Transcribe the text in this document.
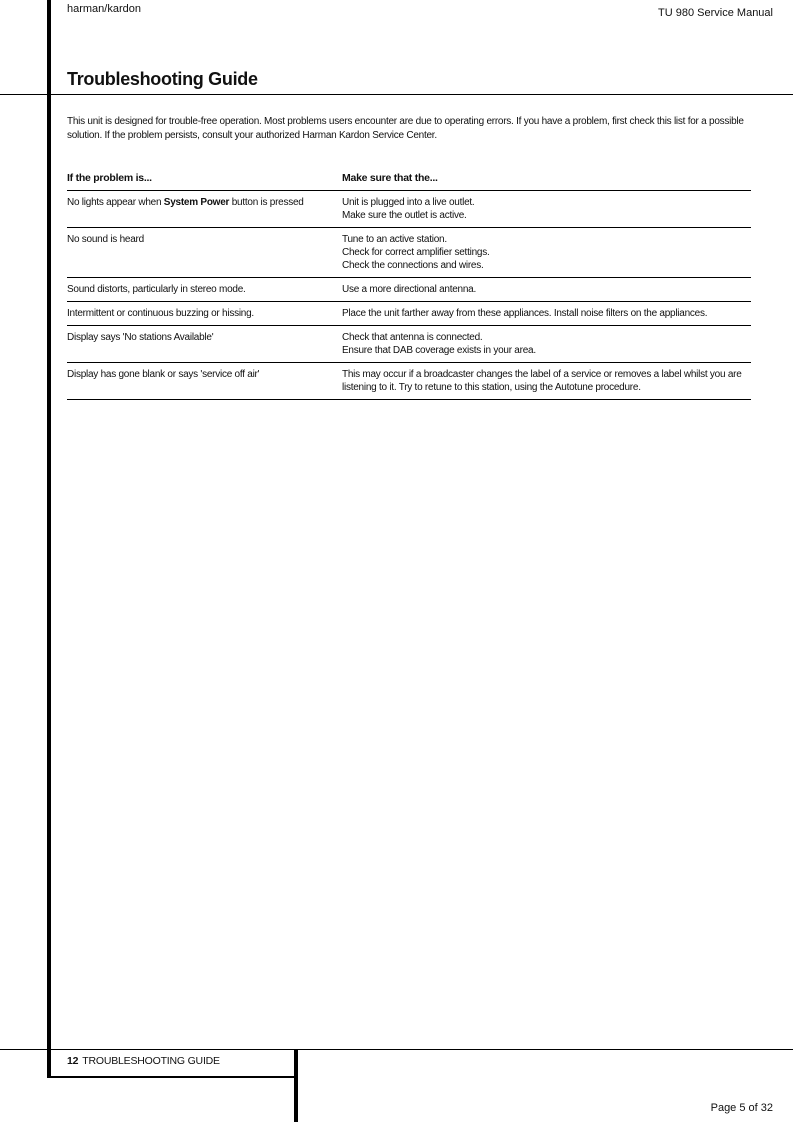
harman/kardon	TU 980 Service Manual
Troubleshooting Guide

This unit is designed for trouble-free operation. Most problems users encounter are due to operating errors. If you have a problem, first check this list for a possible solution. If the problem persists, consult your authorized Harman Kardon Service Center.

If the problem is...	Make sure that the...
No lights appear when System Power button is pressed	Unit is plugged into a live outlet.
Make sure the outlet is active.
No sound is heard	Tune to an active station.
Check for correct amplifier settings.
Check the connections and wires.
Sound distorts, particularly in stereo mode.	Use a more directional antenna.
Intermittent or continuous buzzing or hissing.	Place the unit farther away from these appliances. Install noise filters on the appliances.
Display says 'No stations Available'	Check that antenna is connected.
Ensure that DAB coverage exists in your area.
Display has gone blank or says 'service off air'	This may occur if a broadcaster changes the label of a service or removes a label whilst you are listening to it. Try to retune to this station, using the Autotune procedure.
12 TROUBLESHOOTING GUIDE
Page 5 of 32
